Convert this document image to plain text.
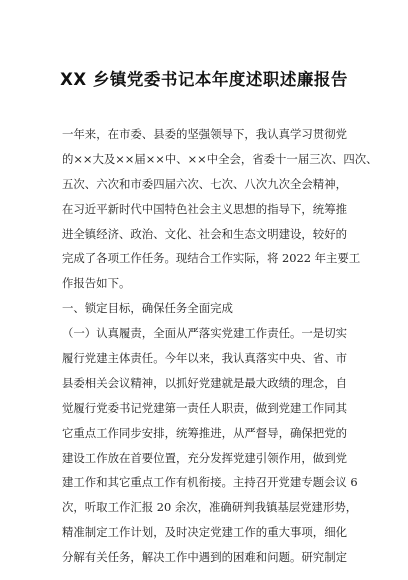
XX 乡镇党委书记本年度述职述廉报告
一年来，在市委、县委的坚强领导下，我认真学习贯彻党
的××大及××届××中、××中全会，省委十一届三次、四次、
五次、六次和市委四届六次、七次、八次九次全会精神，
在习近平新时代中国特色社会主义思想的指导下，统筹推
进全镇经济、政治、文化、社会和生态文明建设，较好的
完成了各项工作任务。现结合工作实际，将 2022 年主要工
作报告如下。
一、锁定目标，确保任务全面完成
（一）认真履责，全面从严落实党建工作责任。一是切实
履行党建主体责任。今年以来，我认真落实中央、省、市
县委相关会议精神，以抓好党建就是最大政绩的理念，自
觉履行党委书记党建第一责任人职责，做到党建工作同其
它重点工作同步安排，统筹推进，从严督导，确保把党的
建设工作放在首要位置，充分发挥党建引领作用，做到党
建工作和其它重点工作有机衔接。主持召开党建专题会议 6
次，听取工作汇报 20 余次，准确研判我镇基层党建形势，
精准制定工作计划，及时决定党建工作的重大事项，细化
分解有关任务，解决工作中遇到的困难和问题。研究制定
